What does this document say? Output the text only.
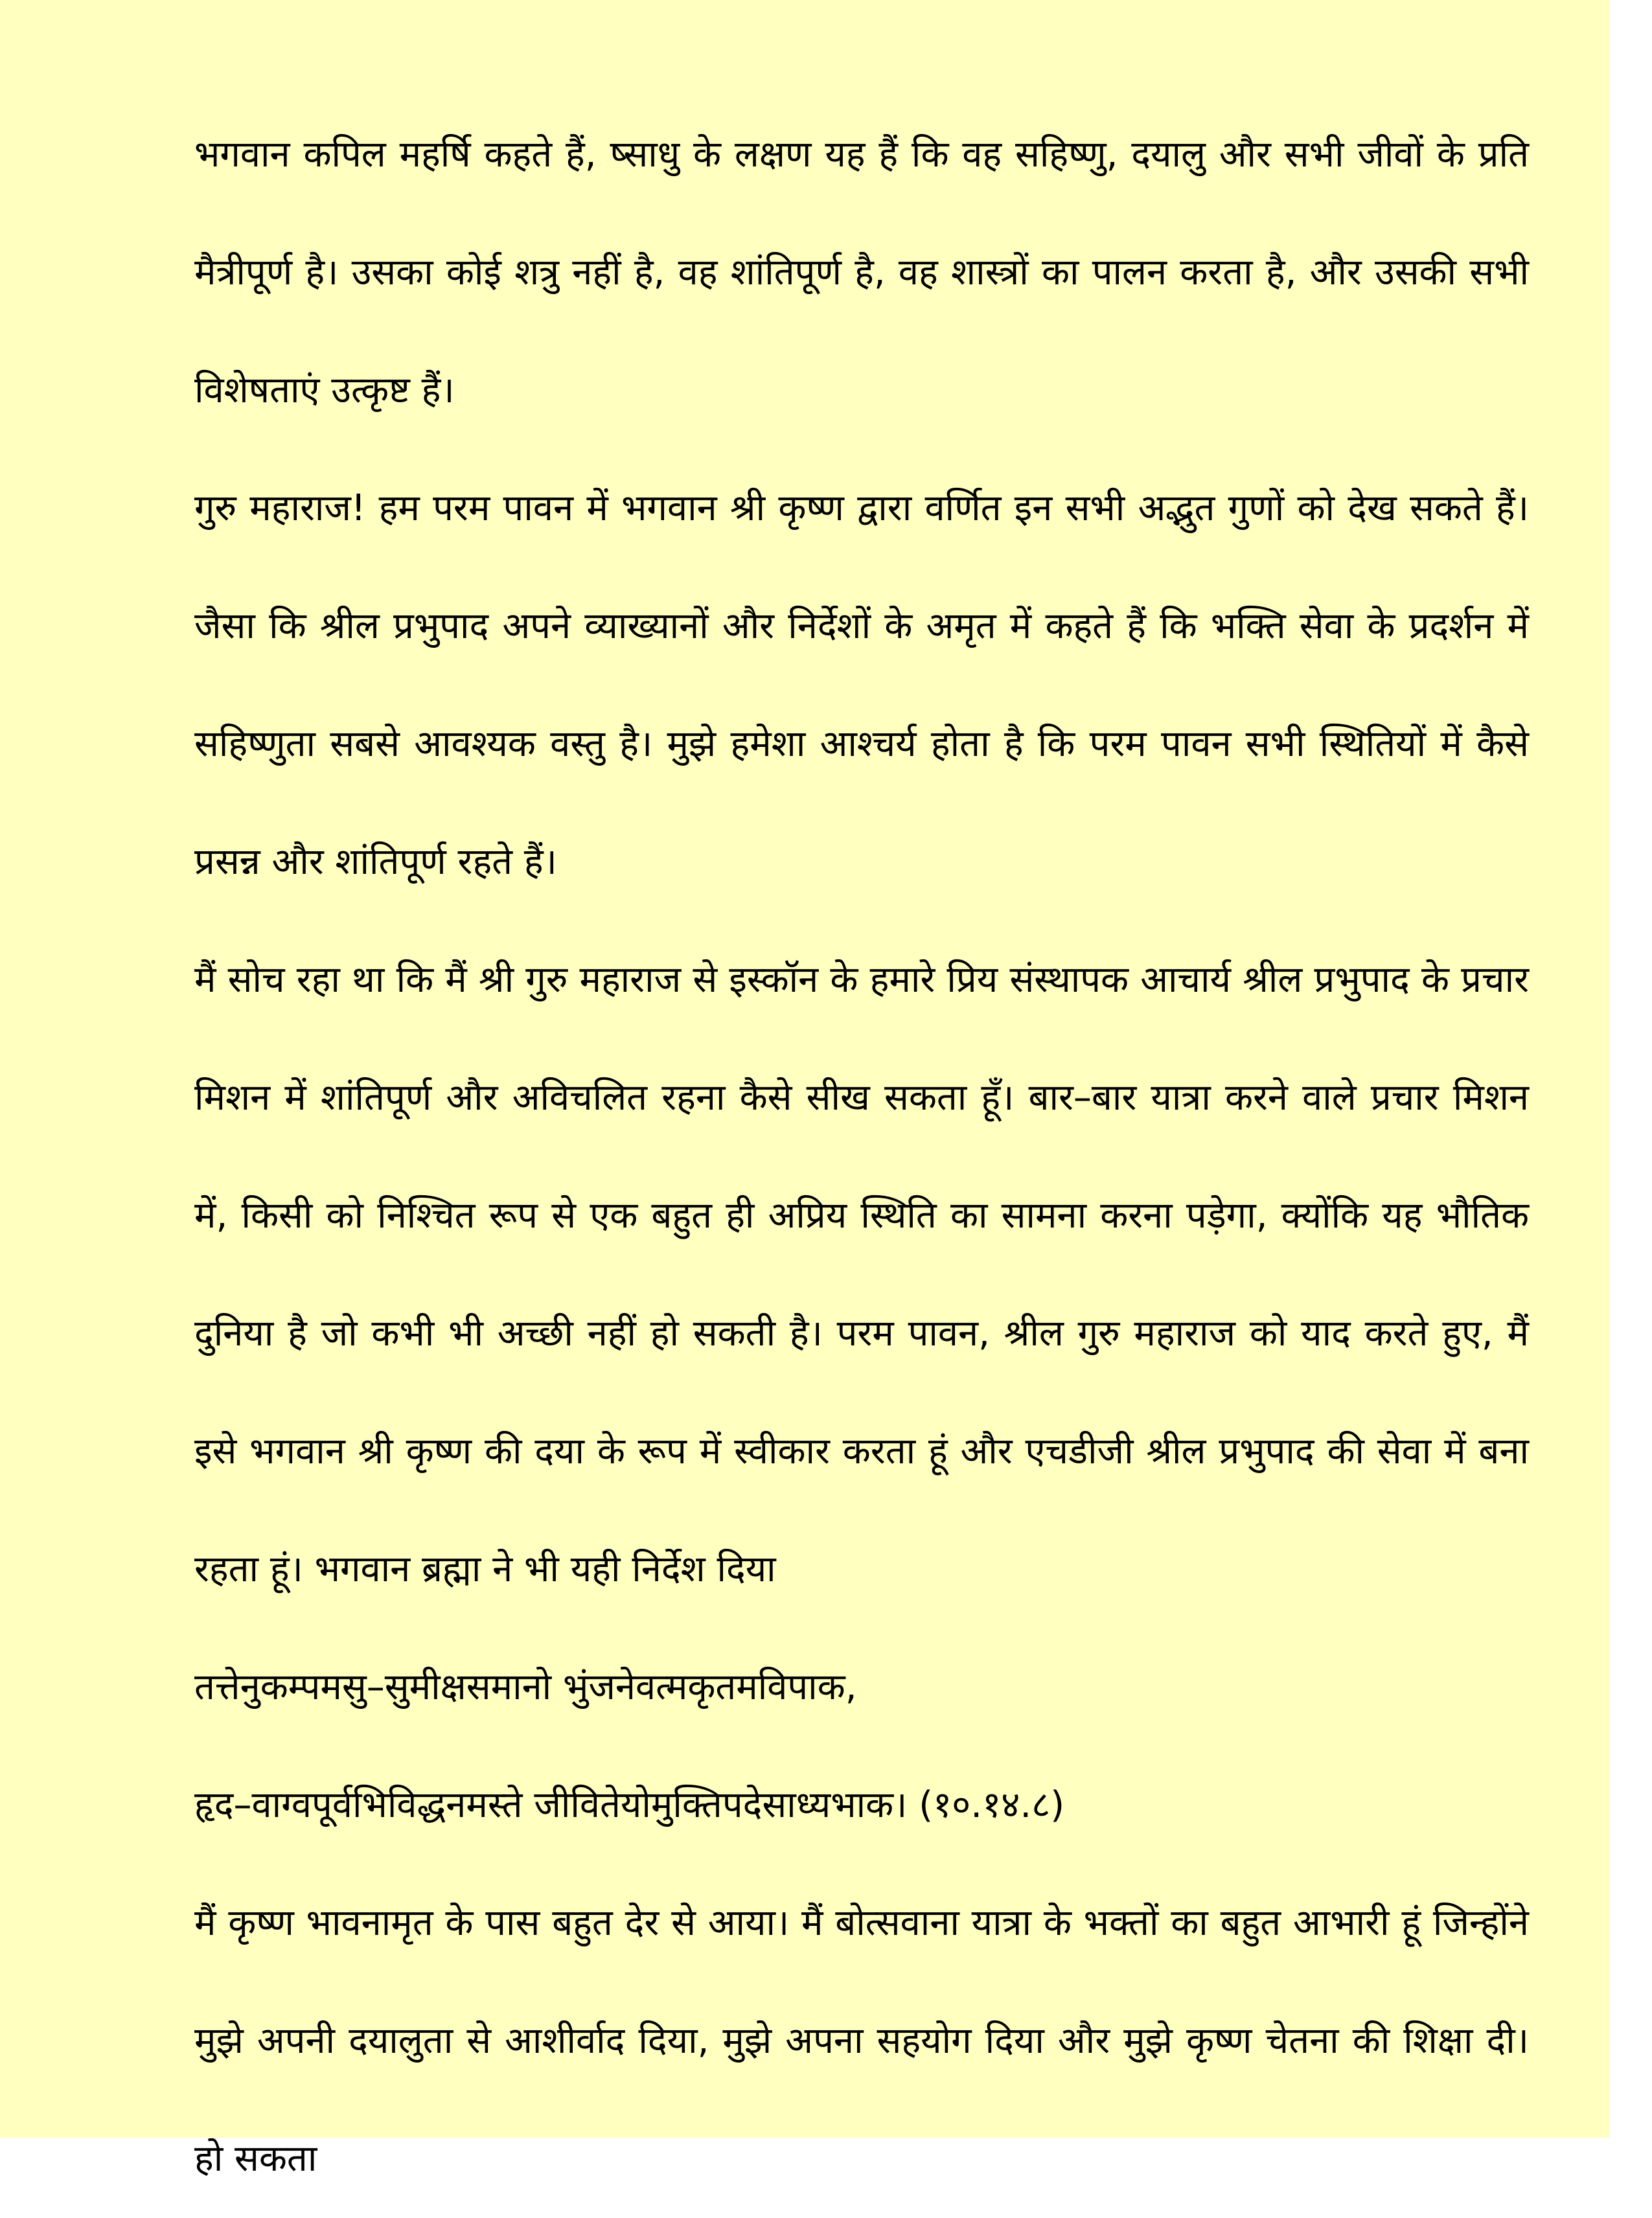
भगवान कपिल महर्षि कहते हैं, ष्साधु के लक्षण यह हैं कि वह सहिष्णु, दयालु और सभी जीवों के प्रति मैत्रीपूर्ण है। उसका कोई शत्रु नहीं है, वह शांतिपूर्ण है, वह शास्त्रों का पालन करता है, और उसकी सभी विशेषताएं उत्कृष्ट हैं।

गुरु महाराज! हम परम पावन में भगवान श्री कृष्ण द्वारा वर्णित इन सभी अद्भुत गुणों को देख सकते हैं। जैसा कि श्रील प्रभुपाद अपने व्याख्यानों और निर्देशों के अमृत में कहते हैं कि भक्ति सेवा के प्रदर्शन में सहिष्णुता सबसे आवश्यक वस्तु है। मुझे हमेशा आश्चर्य होता है कि परम पावन सभी स्थितियों में कैसे प्रसन्न और शांतिपूर्ण रहते हैं।

मैं सोच रहा था कि मैं श्री गुरु महाराज से इस्कॉन के हमारे प्रिय संस्थापक आचार्य श्रील प्रभुपाद के प्रचार मिशन में शांतिपूर्ण और अविचलित रहना कैसे सीख सकता हूँ। बार–बार यात्रा करने वाले प्रचार मिशन में, किसी को निश्चित रूप से एक बहुत ही अप्रिय स्थिति का सामना करना पड़ेगा, क्योंकि यह भौतिक दुनिया है जो कभी भी अच्छी नहीं हो सकती है। परम पावन, श्रील गुरु महाराज को याद करते हुए, मैं इसे भगवान श्री कृष्ण की दया के रूप में स्वीकार करता हूं और एचडीजी श्रील प्रभुपाद की सेवा में बना रहता हूं। भगवान ब्रह्मा ने भी यही निर्देश दिया

तत्तेनुकम्पमसु–सुमीक्षसमानो भुंजनेवत्मकृतमविपाक,

हृद–वाग्वपूर्वभिविद्धनमस्ते जीवितेयोमुक्तिपदेसाध्यभाक। (१०.१४.८)

मैं कृष्ण भावनामृत के पास बहुत देर से आया। मैं बोत्सवाना यात्रा के भक्तों का बहुत आभारी हूं जिन्होंने मुझे अपनी दयालुता से आशीर्वाद दिया, मुझे अपना सहयोग दिया और मुझे कृष्ण चेतना की शिक्षा दी। हो सकता
